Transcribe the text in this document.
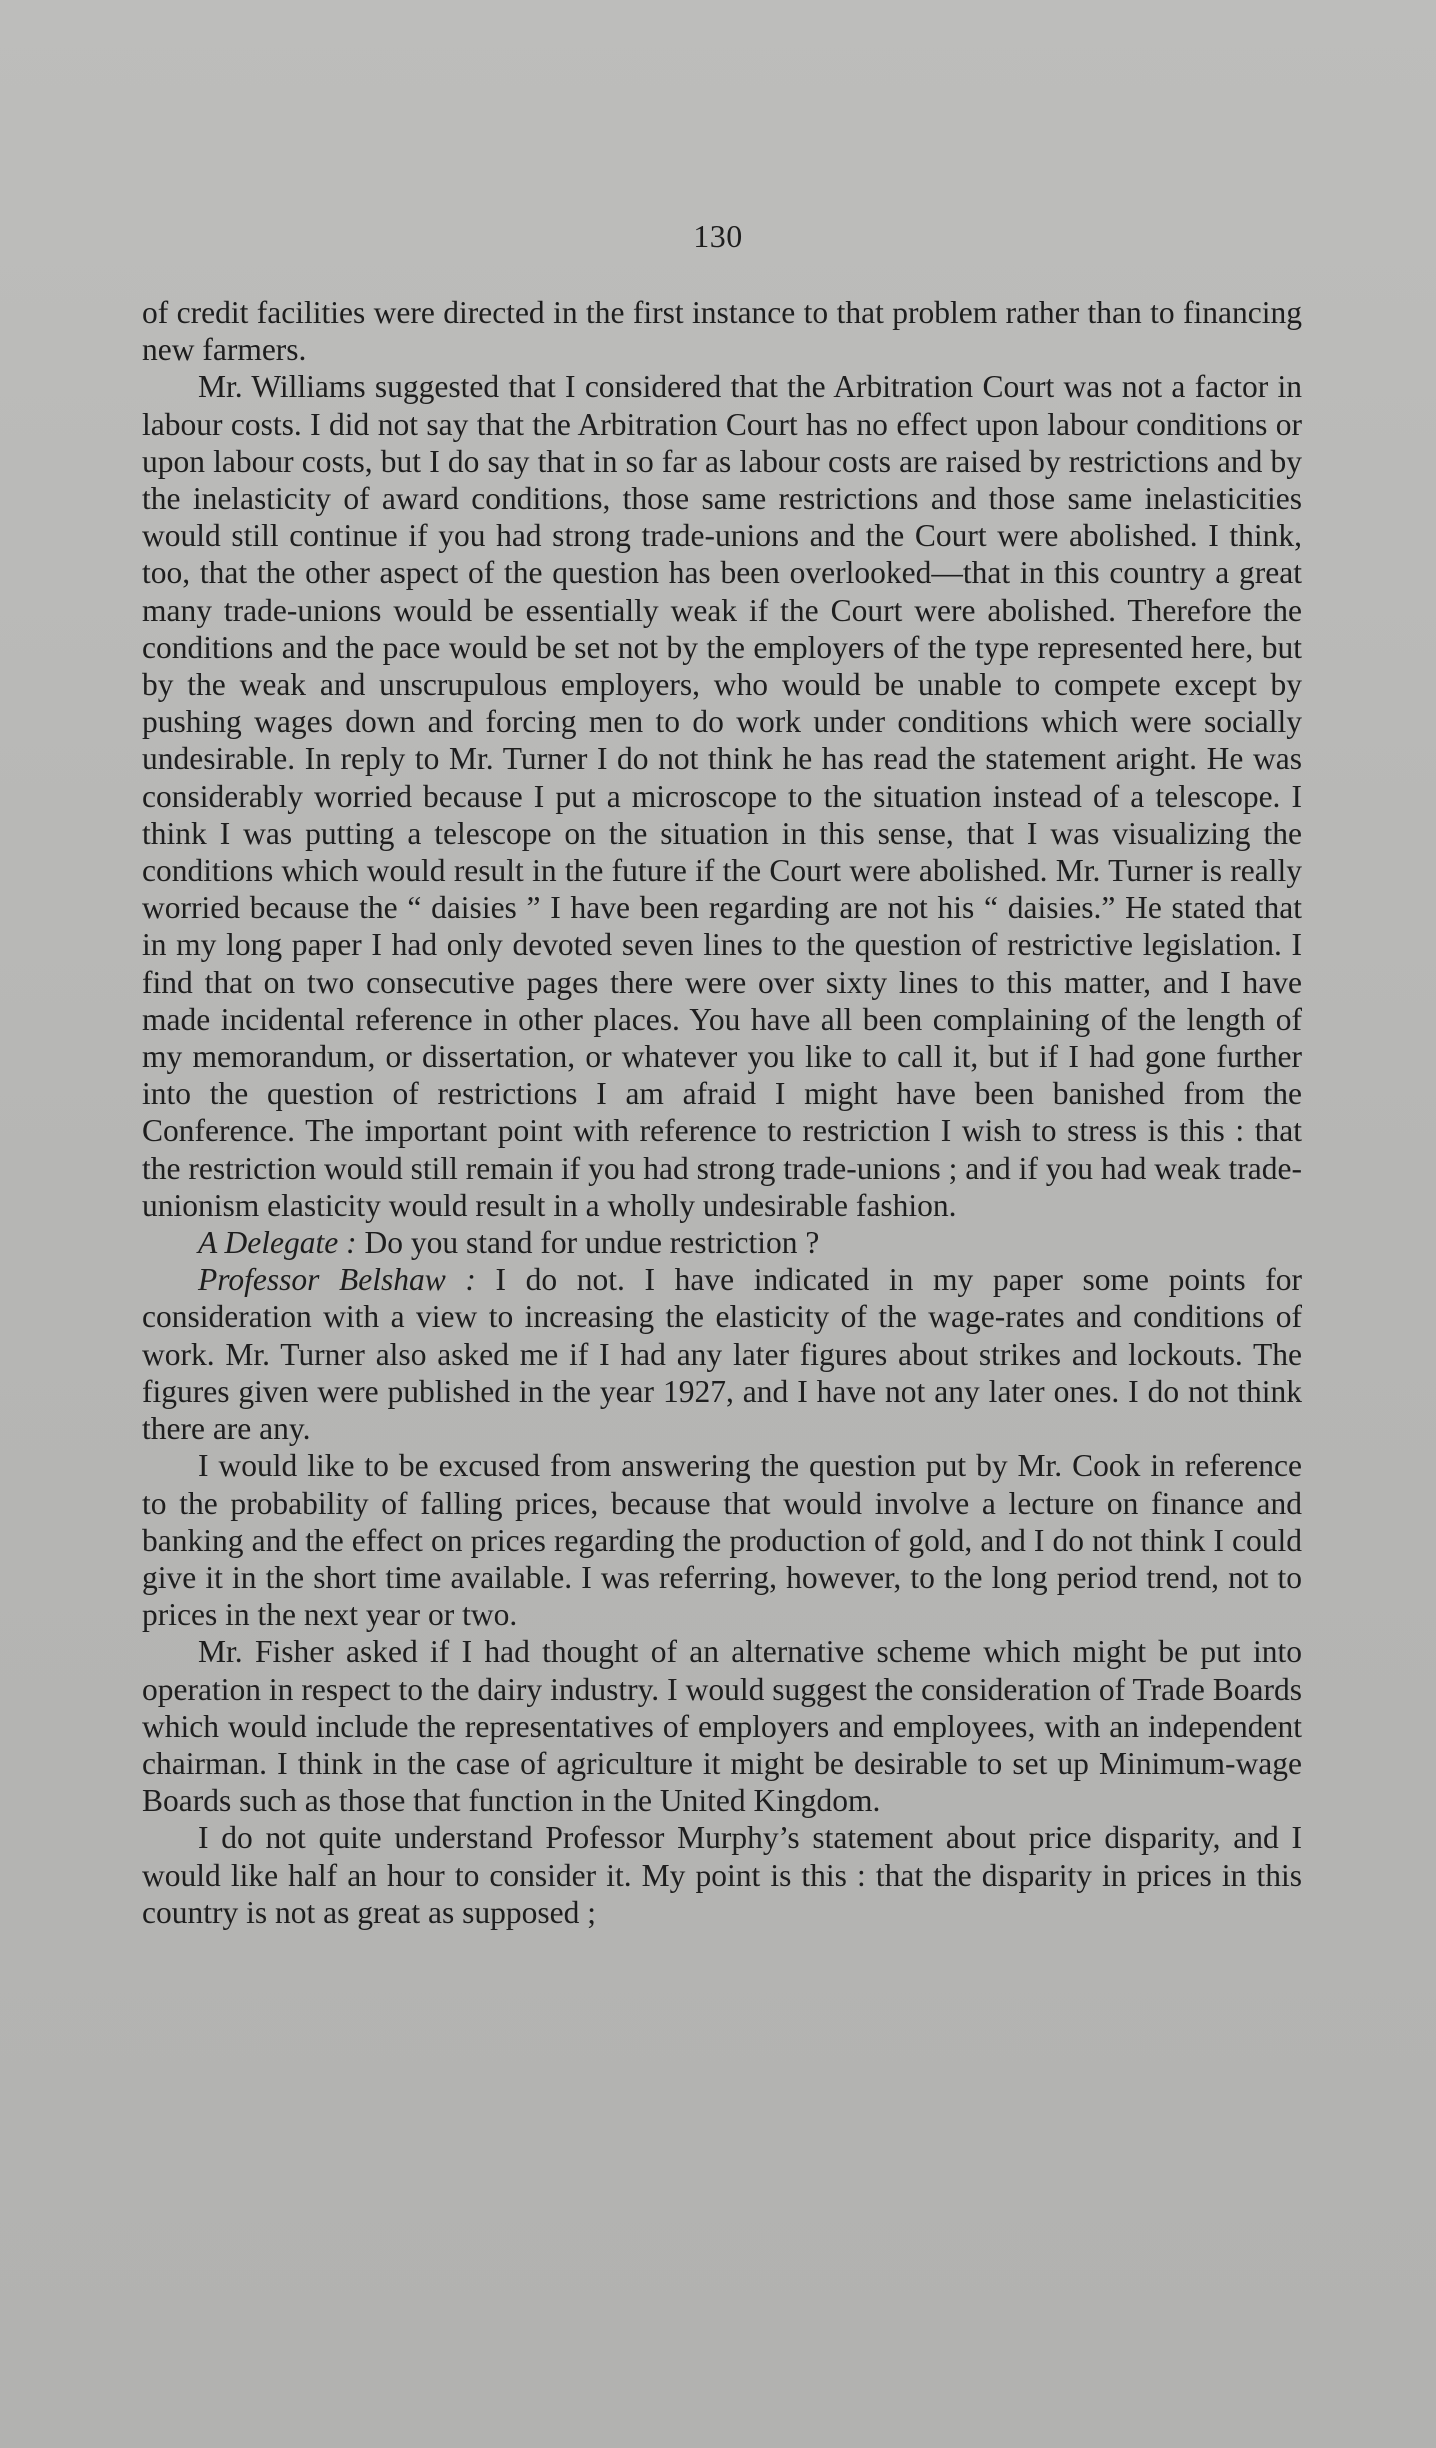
130

of credit facilities were directed in the first instance to that problem rather than to financing new farmers.

Mr. Williams suggested that I considered that the Arbitration Court was not a factor in labour costs. I did not say that the Arbitration Court has no effect upon labour conditions or upon labour costs, but I do say that in so far as labour costs are raised by restrictions and by the inelasticity of award conditions, those same restrictions and those same inelasticities would still continue if you had strong trade-unions and the Court were abolished. I think, too, that the other aspect of the question has been overlooked—that in this country a great many trade-unions would be essentially weak if the Court were abolished. Therefore the conditions and the pace would be set not by the employers of the type represented here, but by the weak and unscrupulous employers, who would be unable to compete except by pushing wages down and forcing men to do work under conditions which were socially undesirable. In reply to Mr. Turner I do not think he has read the statement aright. He was considerably worried because I put a microscope to the situation instead of a telescope. I think I was putting a telescope on the situation in this sense, that I was visualizing the conditions which would result in the future if the Court were abolished. Mr. Turner is really worried because the “ daisies ” I have been regarding are not his “ daisies.” He stated that in my long paper I had only devoted seven lines to the question of restrictive legislation. I find that on two consecutive pages there were over sixty lines to this matter, and I have made incidental reference in other places. You have all been complaining of the length of my memorandum, or dissertation, or whatever you like to call it, but if I had gone further into the question of restrictions I am afraid I might have been banished from the Conference. The important point with reference to restriction I wish to stress is this : that the restriction would still remain if you had strong trade-unions ; and if you had weak trade-unionism elasticity would result in a wholly undesirable fashion.

A Delegate : Do you stand for undue restriction ?

Professor Belshaw : I do not. I have indicated in my paper some points for consideration with a view to increasing the elasticity of the wage-rates and conditions of work. Mr. Turner also asked me if I had any later figures about strikes and lockouts. The figures given were published in the year 1927, and I have not any later ones. I do not think there are any.

I would like to be excused from answering the question put by Mr. Cook in reference to the probability of falling prices, because that would involve a lecture on finance and banking and the effect on prices regarding the production of gold, and I do not think I could give it in the short time available. I was referring, however, to the long period trend, not to prices in the next year or two.

Mr. Fisher asked if I had thought of an alternative scheme which might be put into operation in respect to the dairy industry. I would suggest the consideration of Trade Boards which would include the representatives of employers and employees, with an independent chairman. I think in the case of agriculture it might be desirable to set up Minimum-wage Boards such as those that function in the United Kingdom.

I do not quite understand Professor Murphy’s statement about price disparity, and I would like half an hour to consider it. My point is this : that the disparity in prices in this country is not as great as supposed ;
